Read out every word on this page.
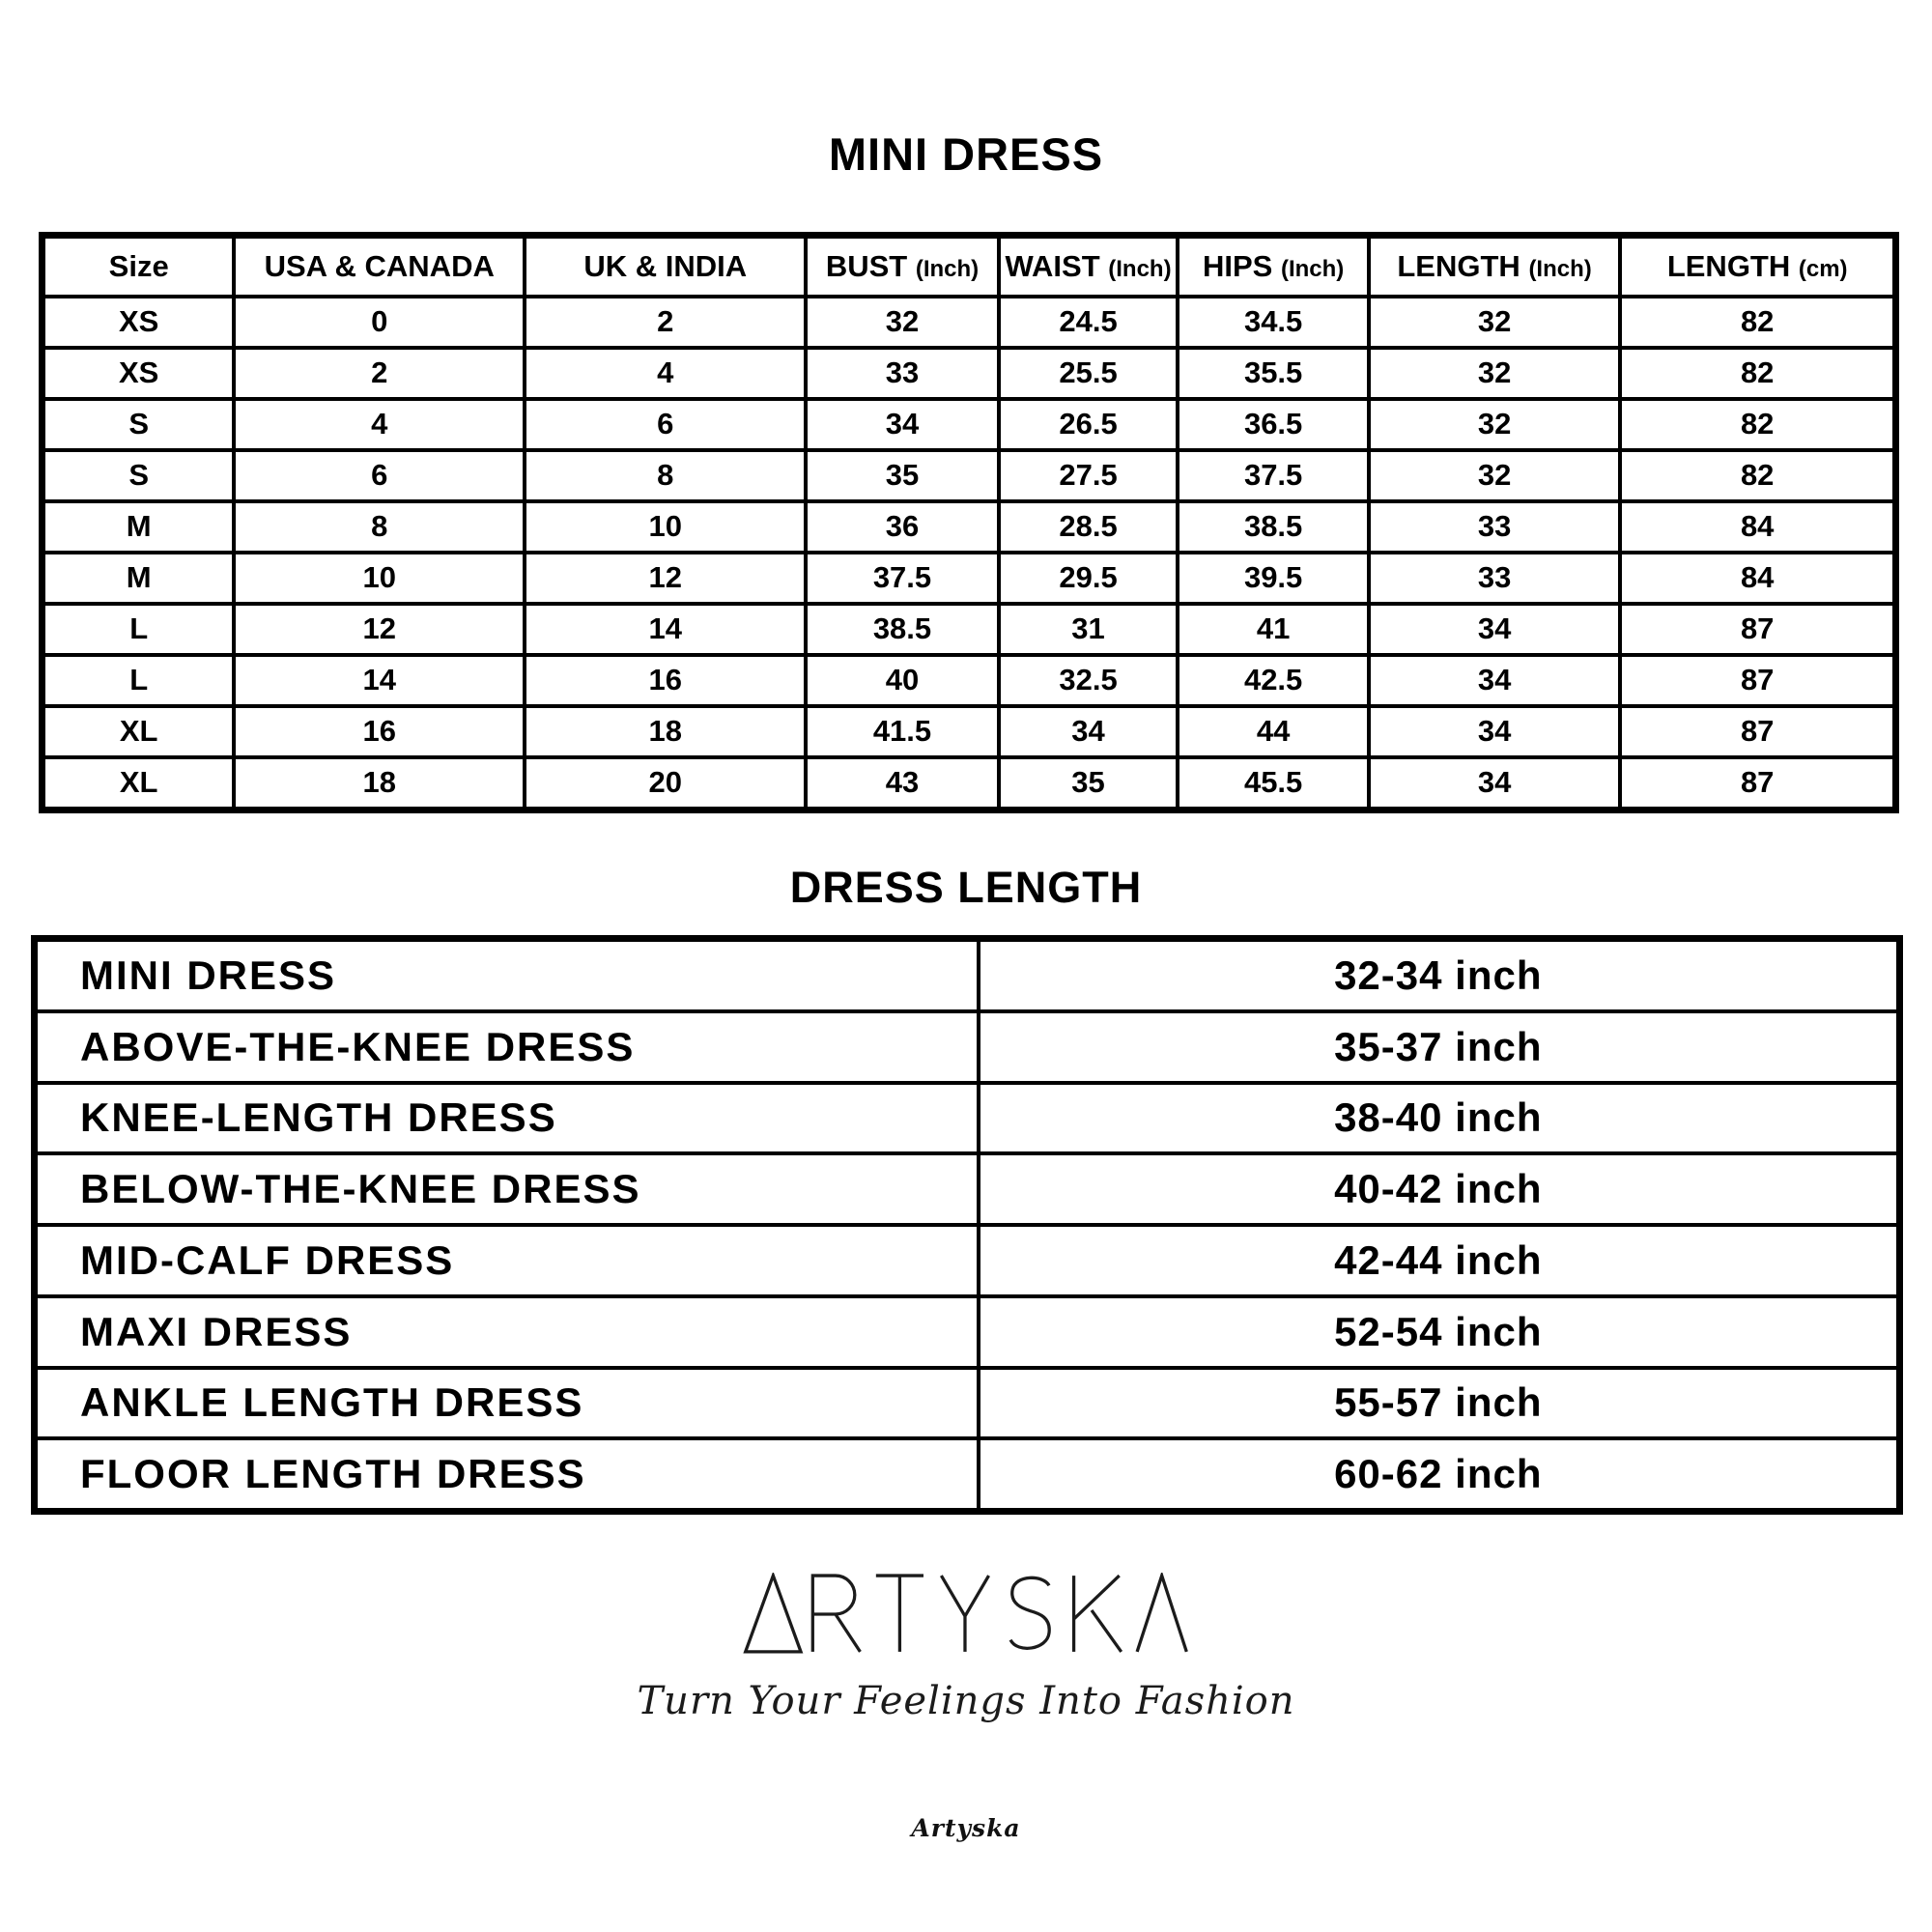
MINI DRESS
Size	USA & CANADA	UK & INDIA	BUST (Inch)	WAIST (Inch)	HIPS (Inch)	LENGTH (Inch)	LENGTH (cm)
XS	0	2	32	24.5	34.5	32	82
XS	2	4	33	25.5	35.5	32	82
S	4	6	34	26.5	36.5	32	82
S	6	8	35	27.5	37.5	32	82
M	8	10	36	28.5	38.5	33	84
M	10	12	37.5	29.5	39.5	33	84
L	12	14	38.5	31	41	34	87
L	14	16	40	32.5	42.5	34	87
XL	16	18	41.5	34	44	34	87
XL	18	20	43	35	45.5	34	87
DRESS LENGTH
MINI DRESS	32-34 inch
ABOVE-THE-KNEE DRESS	35-37 inch
KNEE-LENGTH DRESS	38-40 inch
BELOW-THE-KNEE DRESS	40-42 inch
MID-CALF DRESS	42-44 inch
MAXI DRESS	52-54 inch
ANKLE LENGTH DRESS	55-57 inch
FLOOR LENGTH DRESS	60-62 inch
Turn Your Feelings Into Fashion
Artyska
